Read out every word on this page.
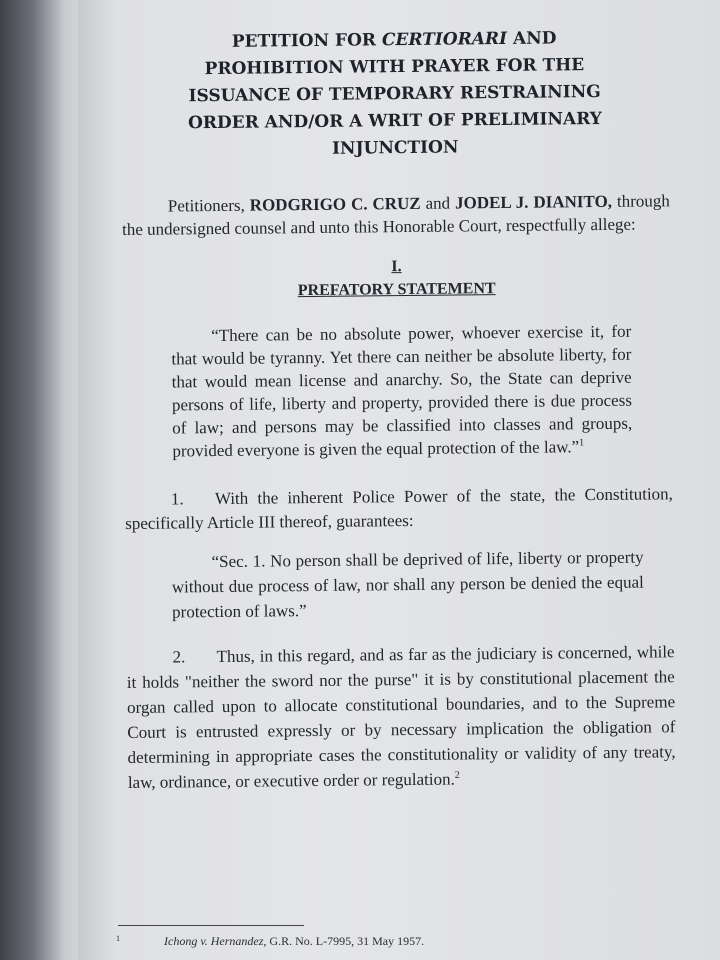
PETITION FOR CERTIORARI AND
PROHIBITION WITH PRAYER FOR THE
ISSUANCE OF TEMPORARY RESTRAINING
ORDER AND/OR A WRIT OF PRELIMINARY
INJUNCTION

Petitioners, RODGRIGO C. CRUZ and JODEL J. DIANITO, through the undersigned counsel and unto this Honorable Court, respectfully allege:

I.
PREFATORY STATEMENT

“There can be no absolute power, whoever exercise it, for that would be tyranny. Yet there can neither be absolute liberty, for that would mean license and anarchy. So, the State can deprive persons of life, liberty and property, provided there is due process of law; and persons may be classified into classes and groups, provided everyone is given the equal protection of the law.”$^1$

1. With the inherent Police Power of the state, the Constitution, specifically Article III thereof, guarantees:

“Sec. 1. No person shall be deprived of life, liberty or property without due process of law, nor shall any person be denied the equal protection of laws.”

2. Thus, in this regard, and as far as the judiciary is concerned, while it holds "neither the sword nor the purse" it is by constitutional placement the organ called upon to allocate constitutional boundaries, and to the Supreme Court is entrusted expressly or by necessary implication the obligation of determining in appropriate cases the constitutionality or validity of any treaty, law, ordinance, or executive order or regulation.$^2$

1	Ichong v. Hernandez, G.R. No. L-7995, 31 May 1957.
